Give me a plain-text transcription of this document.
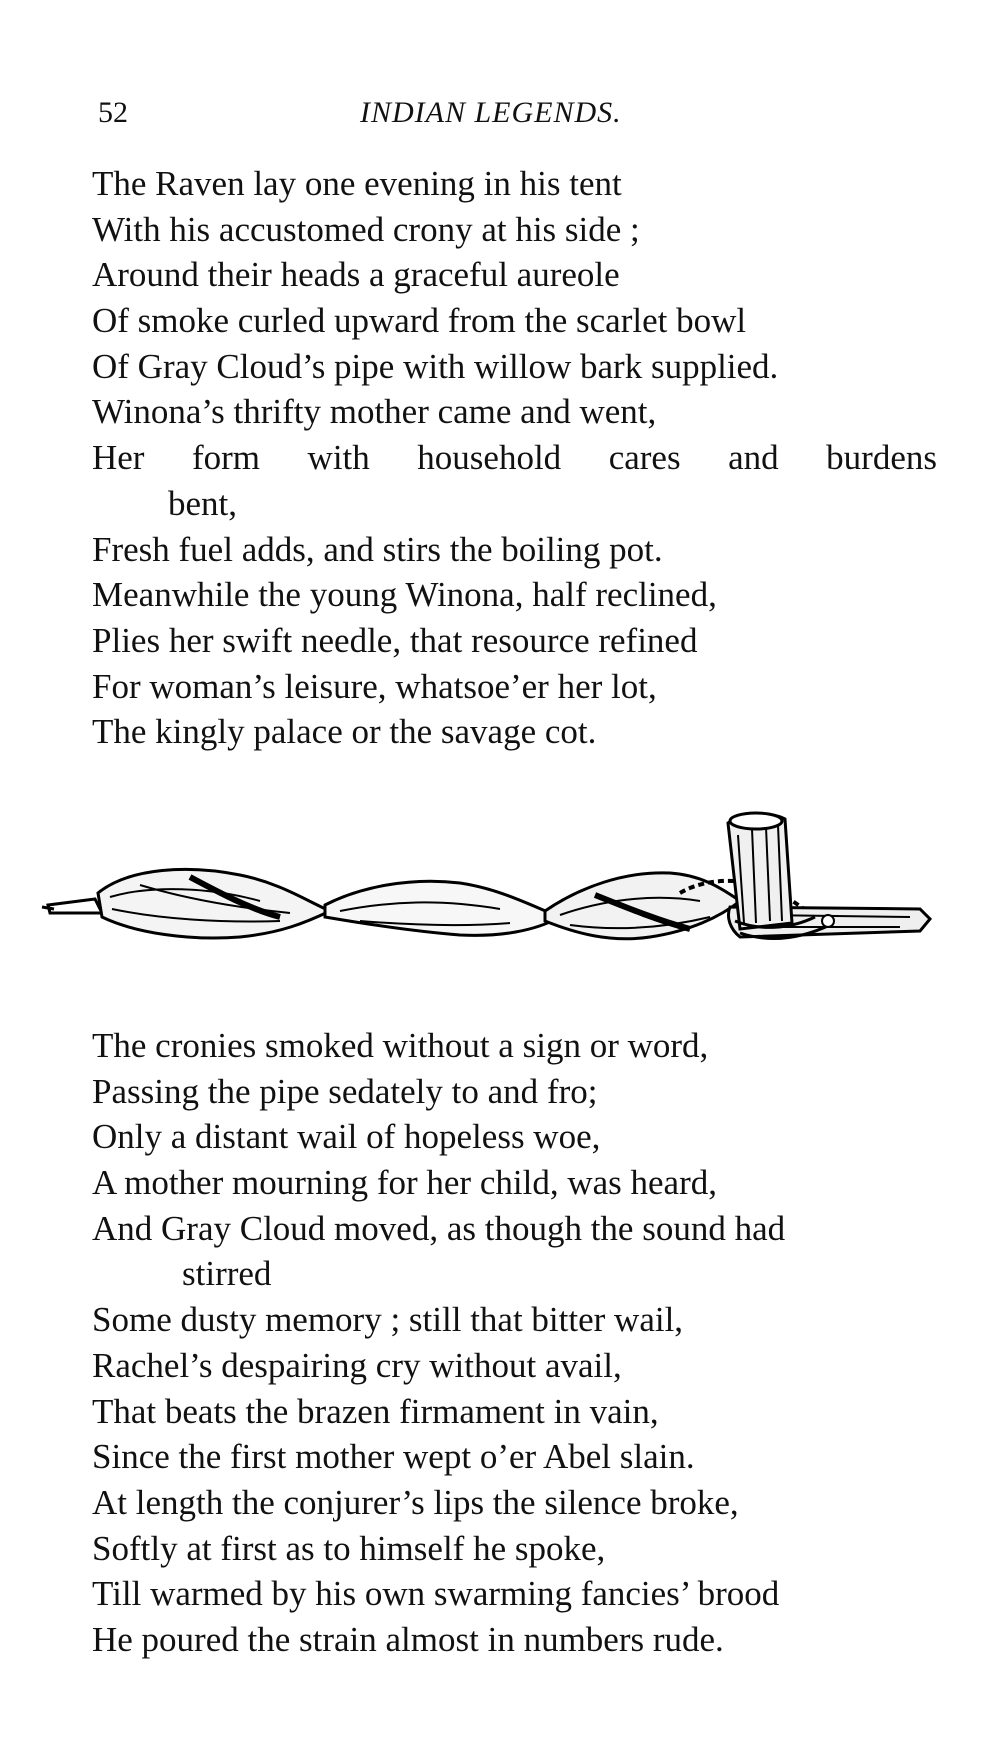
52	INDIAN LEGENDS.
The Raven lay one evening in his tent
With his accustomed crony at his side ;
Around their heads a graceful aureole
Of smoke curled upward from the scarlet bowl
Of Gray Cloud’s pipe with willow bark supplied.
Winona’s thrifty mother came and went,
Her form with household cares and burdens
bent,
Fresh fuel adds, and stirs the boiling pot.
Meanwhile the young Winona, half reclined,
Plies her swift needle, that resource refined
For woman’s leisure, whatsoe’er her lot,
The kingly palace or the savage cot.
The cronies smoked without a sign or word,
Passing the pipe sedately to and fro;
Only a distant wail of hopeless woe,
A mother mourning for her child, was heard,
And Gray Cloud moved, as though the sound had
stirred
Some dusty memory ; still that bitter wail,
Rachel’s despairing cry without avail,
That beats the brazen firmament in vain,
Since the first mother wept o’er Abel slain.
At length the conjurer’s lips the silence broke,
Softly at first as to himself he spoke,
Till warmed by his own swarming fancies’ brood
He poured the strain almost in numbers rude.
